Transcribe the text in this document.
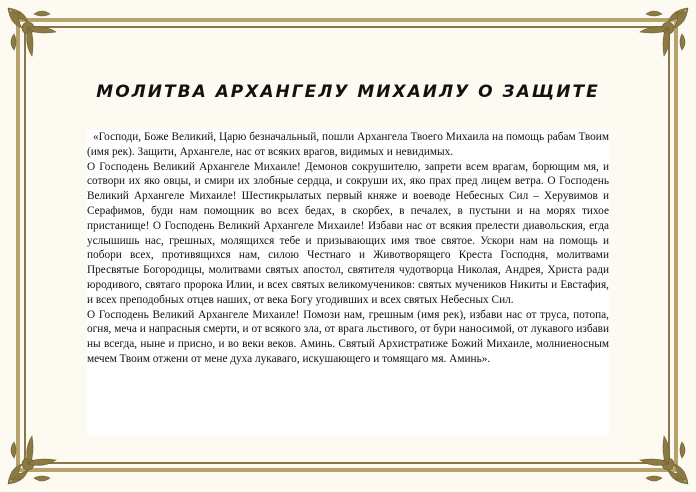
МОЛИТВА АРХАНГЕЛУ МИХАИЛУ О ЗАЩИТЕ

«Господи, Боже Великий, Царю безначальный, пошли Архангела Твоего Михаила на помощь рабам Твоим (имя рек). Защити, Архангеле, нас от всяких врагов, видимых и невидимых.

О Господень Великий Архангеле Михаиле! Демонов сокрушителю, запрети всем врагам, борющим мя, и сотвори их яко овцы, и смири их злобные сердца, и сокруши их, яко прах пред лицем ветра. О Господень Великий Архангеле Михаиле! Шестикрылатых первый княже и воеводе Небесных Сил – Херувимов и Серафимов, буди нам помощник во всех бедах, в скорбех, в печалех, в пустыни и на морях тихое пристанище! О Господень Великий Архангеле Михаиле! Избави нас от всякия прелести диавольския, егда услышишь нас, грешных, молящихся тебе и призывающих имя твое святое. Ускори нам на помощь и побори всех, противящихся нам, силою Честнаго и Животворящего Креста Господня, молитвами Пресвятые Богородицы, молитвами святых апостол, святителя чудотворца Николая, Андрея, Христа ради юродивого, святаго пророка Илии, и всех святых великомучеников: святых мучеников Никиты и Евстафия, и всех преподобных отцев наших, от века Богу угодивших и всех святых Небесных Сил.

О Господень Великий Архангеле Михаиле! Помози нам, грешным (имя рек), избави нас от труса, потопа, огня, меча и напрасныя смерти, и от всякого зла, от врага льстивого, от бури наносимой, от лукавого избави ны всегда, ныне и присно, и во веки веков. Аминь. Святый Архистратиже Божий Михаиле, молниеносным мечем Твоим отжени от мене духа лукаваго, искушающего и томящаго мя. Аминь».
